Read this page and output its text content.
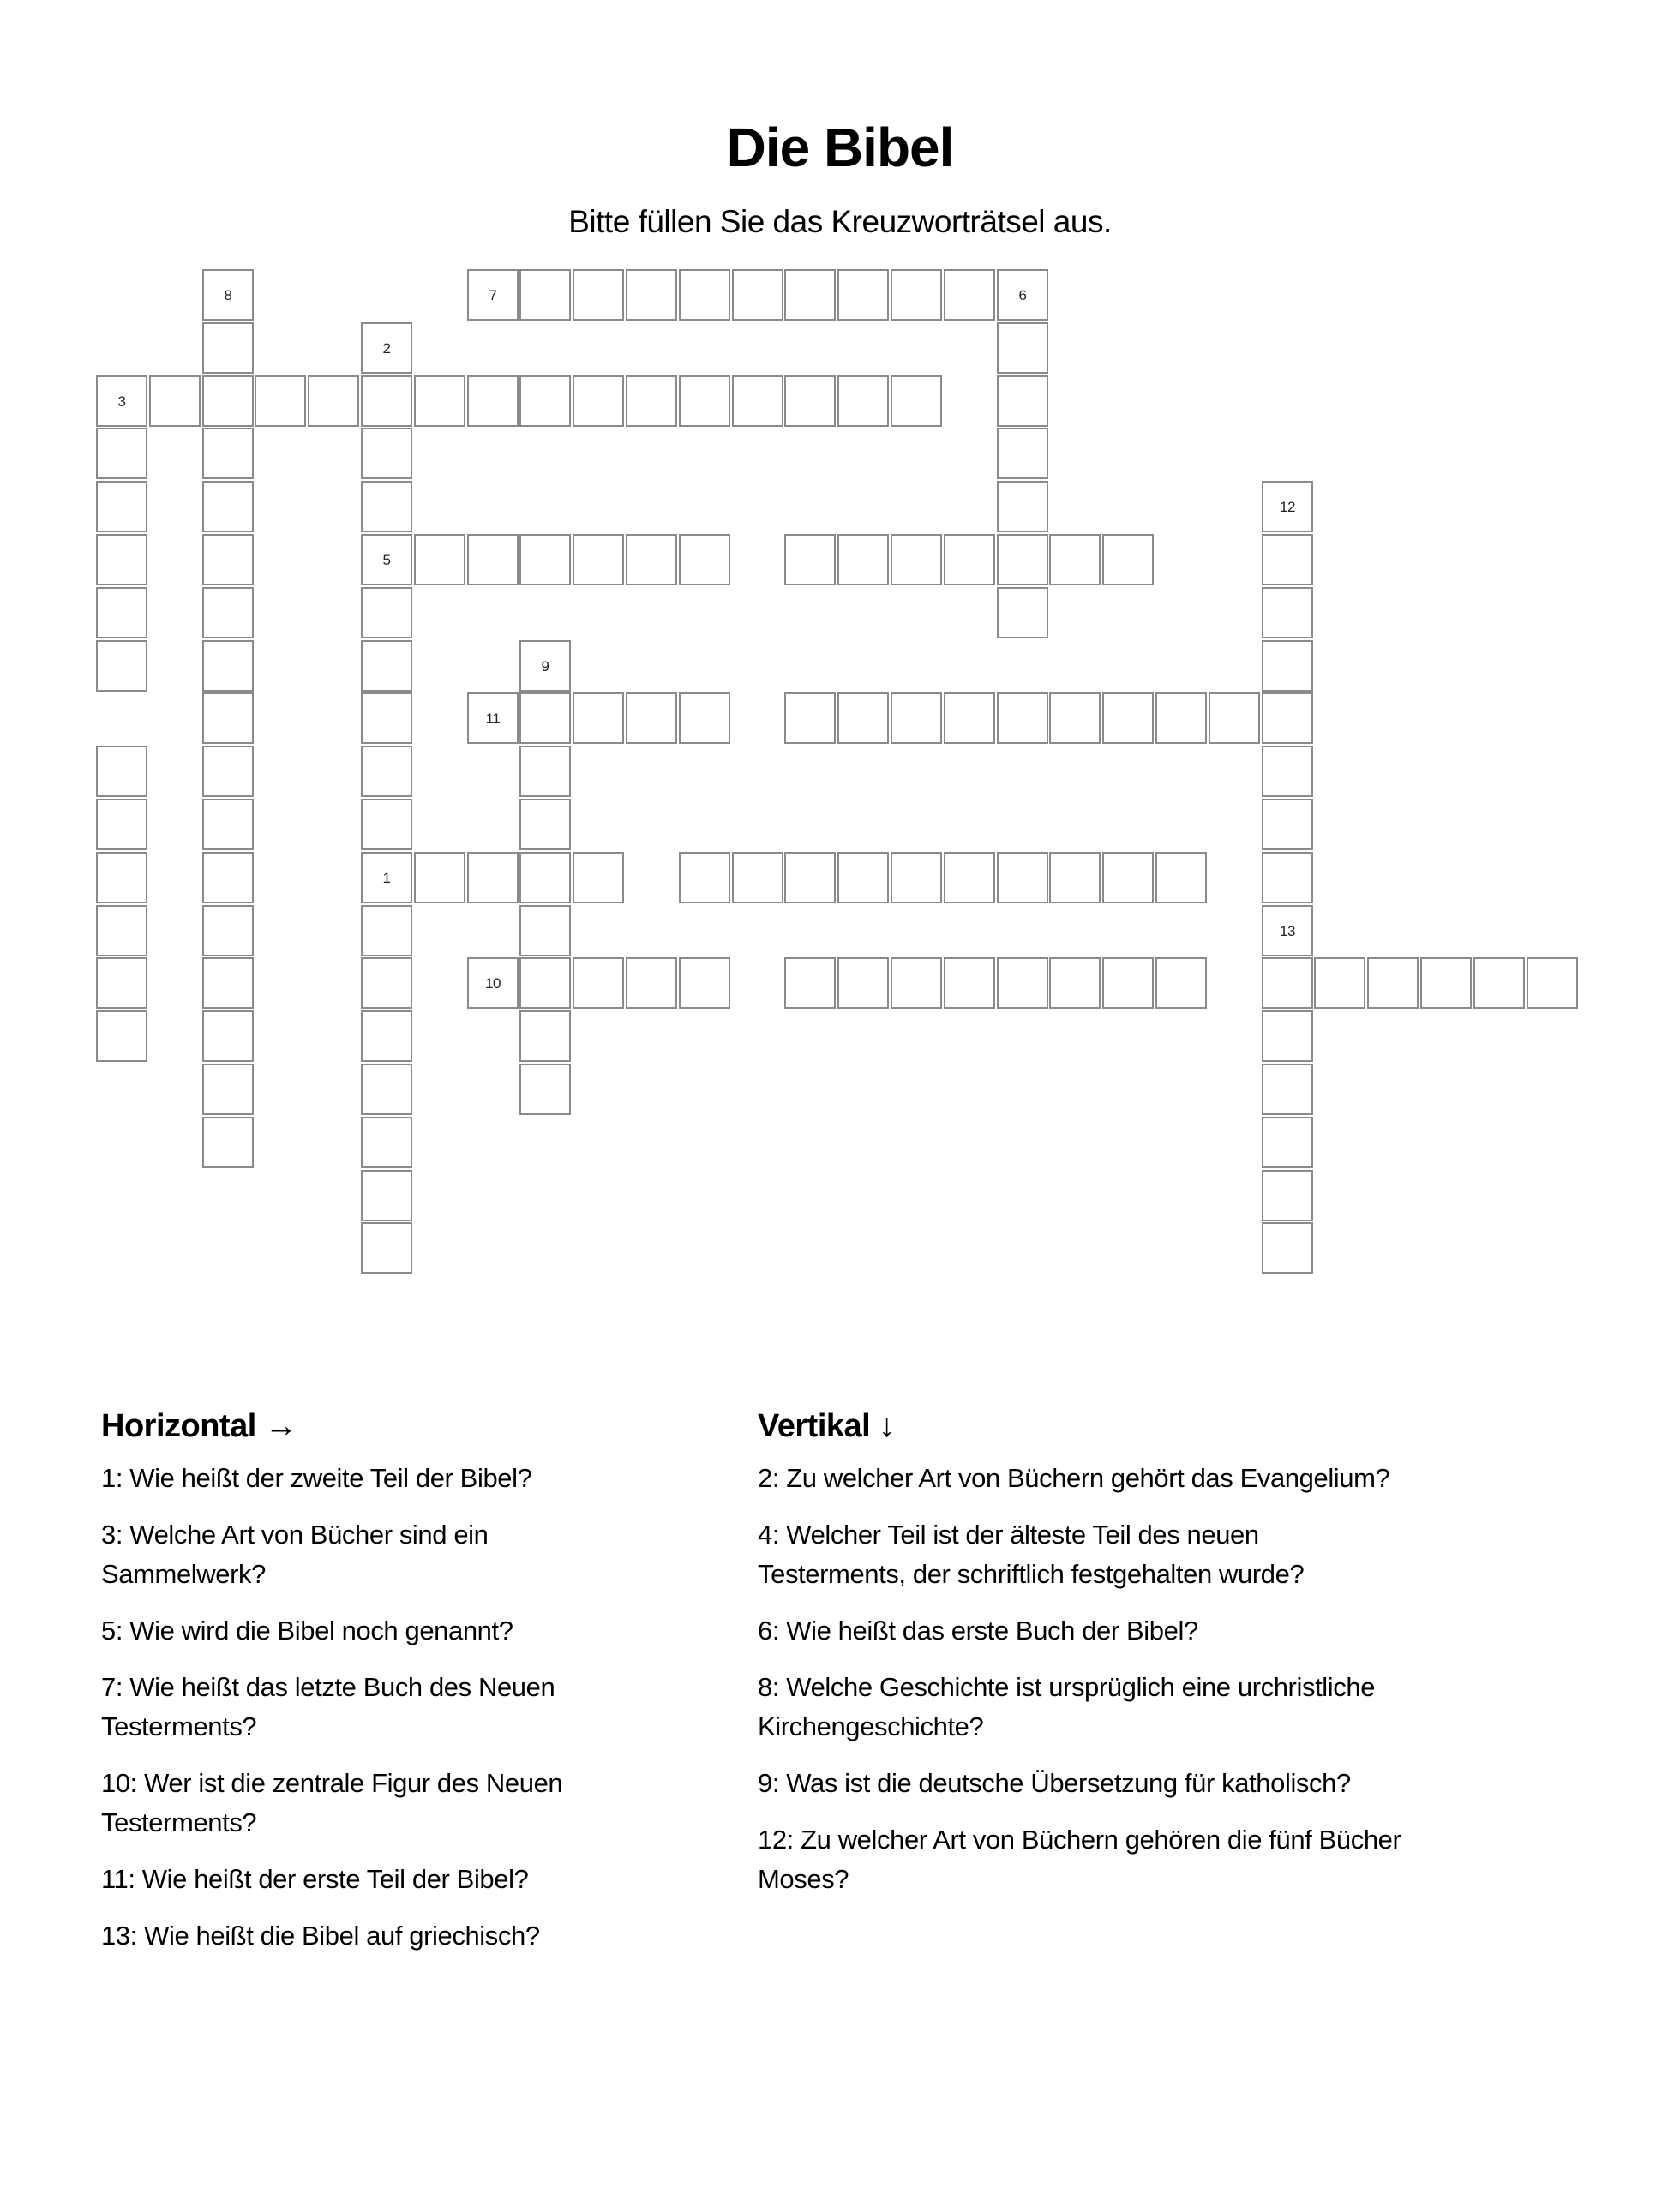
Die Bibel
Bitte füllen Sie das Kreuzworträtsel aus.
8	7	6
2
3
12
5
9
11
1
13
10
Horizontal →

1: Wie heißt der zweite Teil der Bibel?

3: Welche Art von Bücher sind ein
Sammelwerk?

5: Wie wird die Bibel noch genannt?

7: Wie heißt das letzte Buch des Neuen
Testerments?

10: Wer ist die zentrale Figur des Neuen
Testerments?

11: Wie heißt der erste Teil der Bibel?

13: Wie heißt die Bibel auf griechisch?

Vertikal ↓

2: Zu welcher Art von Büchern gehört das Evangelium?

4: Welcher Teil ist der älteste Teil des neuen
Testerments, der schriftlich festgehalten wurde?

6: Wie heißt das erste Buch der Bibel?

8: Welche Geschichte ist ursprüglich eine urchristliche
Kirchengeschichte?

9: Was ist die deutsche Übersetzung für katholisch?

12: Zu welcher Art von Büchern gehören die fünf Bücher
Moses?
